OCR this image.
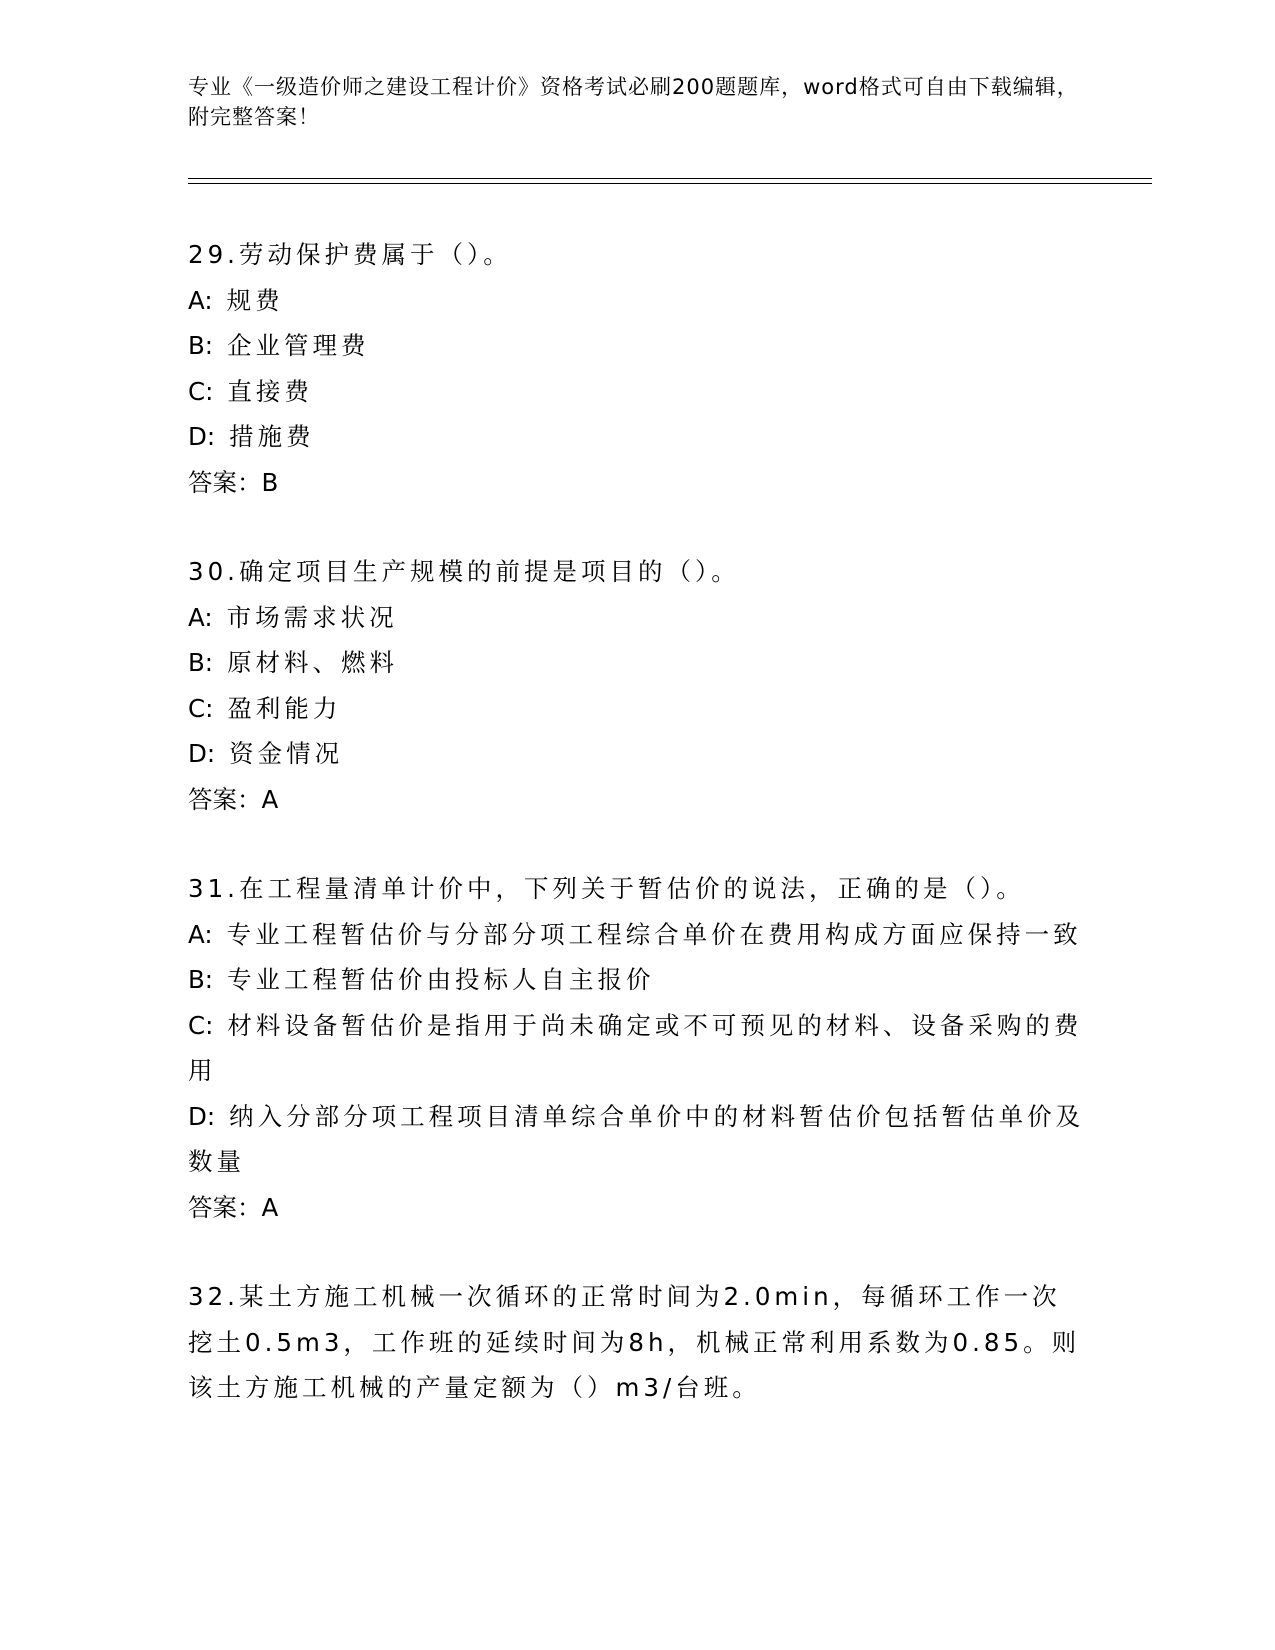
专业《一级造价师之建设工程计价》资格考试必刷200题题库，word格式可自由下载编辑，附完整答案！
29.劳动保护费属于（）。
A: 规费
B: 企业管理费
C: 直接费
D: 措施费
答案：B
30.确定项目生产规模的前提是项目的（）。
A: 市场需求状况
B: 原材料、燃料
C: 盈利能力
D: 资金情况
答案：A
31.在工程量清单计价中，下列关于暂估价的说法，正确的是（）。
A: 专业工程暂估价与分部分项工程综合单价在费用构成方面应保持一致
B: 专业工程暂估价由投标人自主报价
C: 材料设备暂估价是指用于尚未确定或不可预见的材料、设备采购的费用
D: 纳入分部分项工程项目清单综合单价中的材料暂估价包括暂估单价及数量
答案：A
32.某土方施工机械一次循环的正常时间为2.0min，每循环工作一次挖土0.5m3，工作班的延续时间为8h，机械正常利用系数为0.85。则该土方施工机械的产量定额为（）m3/台班。
